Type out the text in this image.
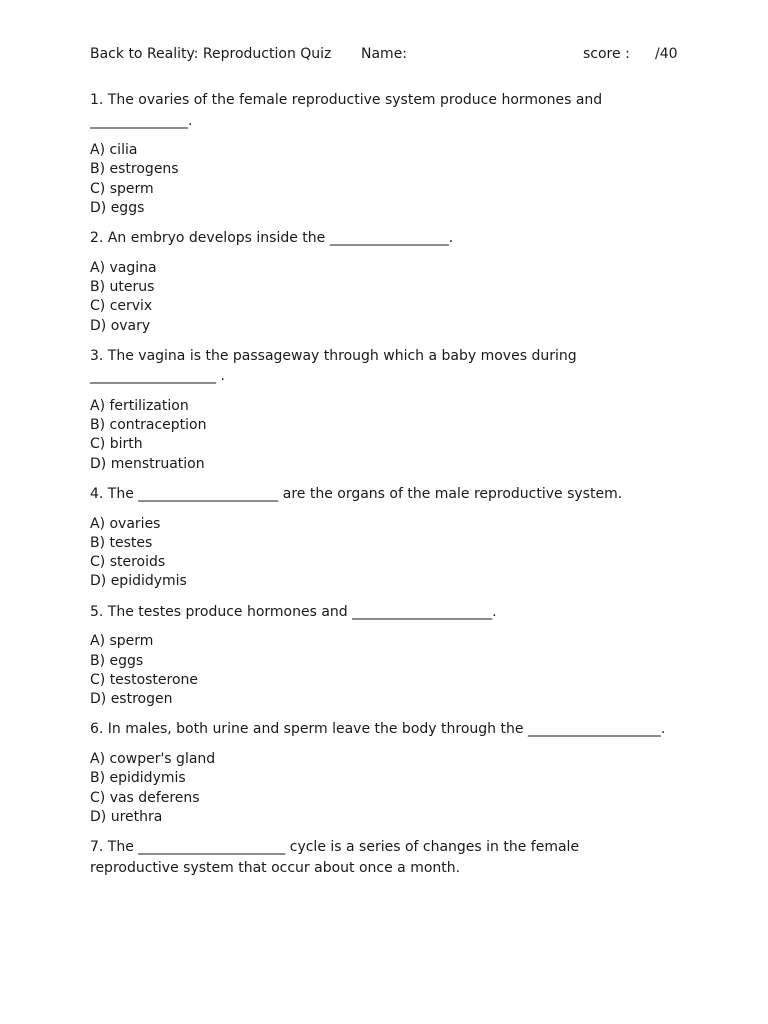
Back to Reality: Reproduction Quiz Name:	score : /40
1. The ovaries of the female reproductive system produce hormones and
______________.
A) cilia
B) estrogens
C) sperm
D) eggs
2. An embryo develops inside the _________________.
A) vagina
B) uterus
C) cervix
D) ovary
3. The vagina is the passageway through which a baby moves during
__________________ .
A) fertilization
B) contraception
C) birth
D) menstruation
4. The ____________________ are the organs of the male reproductive system.
A) ovaries
B) testes
C) steroids
D) epididymis
5. The testes produce hormones and ____________________.
A) sperm
B) eggs
C) testosterone
D) estrogen
6. In males, both urine and sperm leave the body through the ___________________.
A) cowper's gland
B) epididymis
C) vas deferens
D) urethra
7. The _____________________ cycle is a series of changes in the female
reproductive system that occur about once a month.
